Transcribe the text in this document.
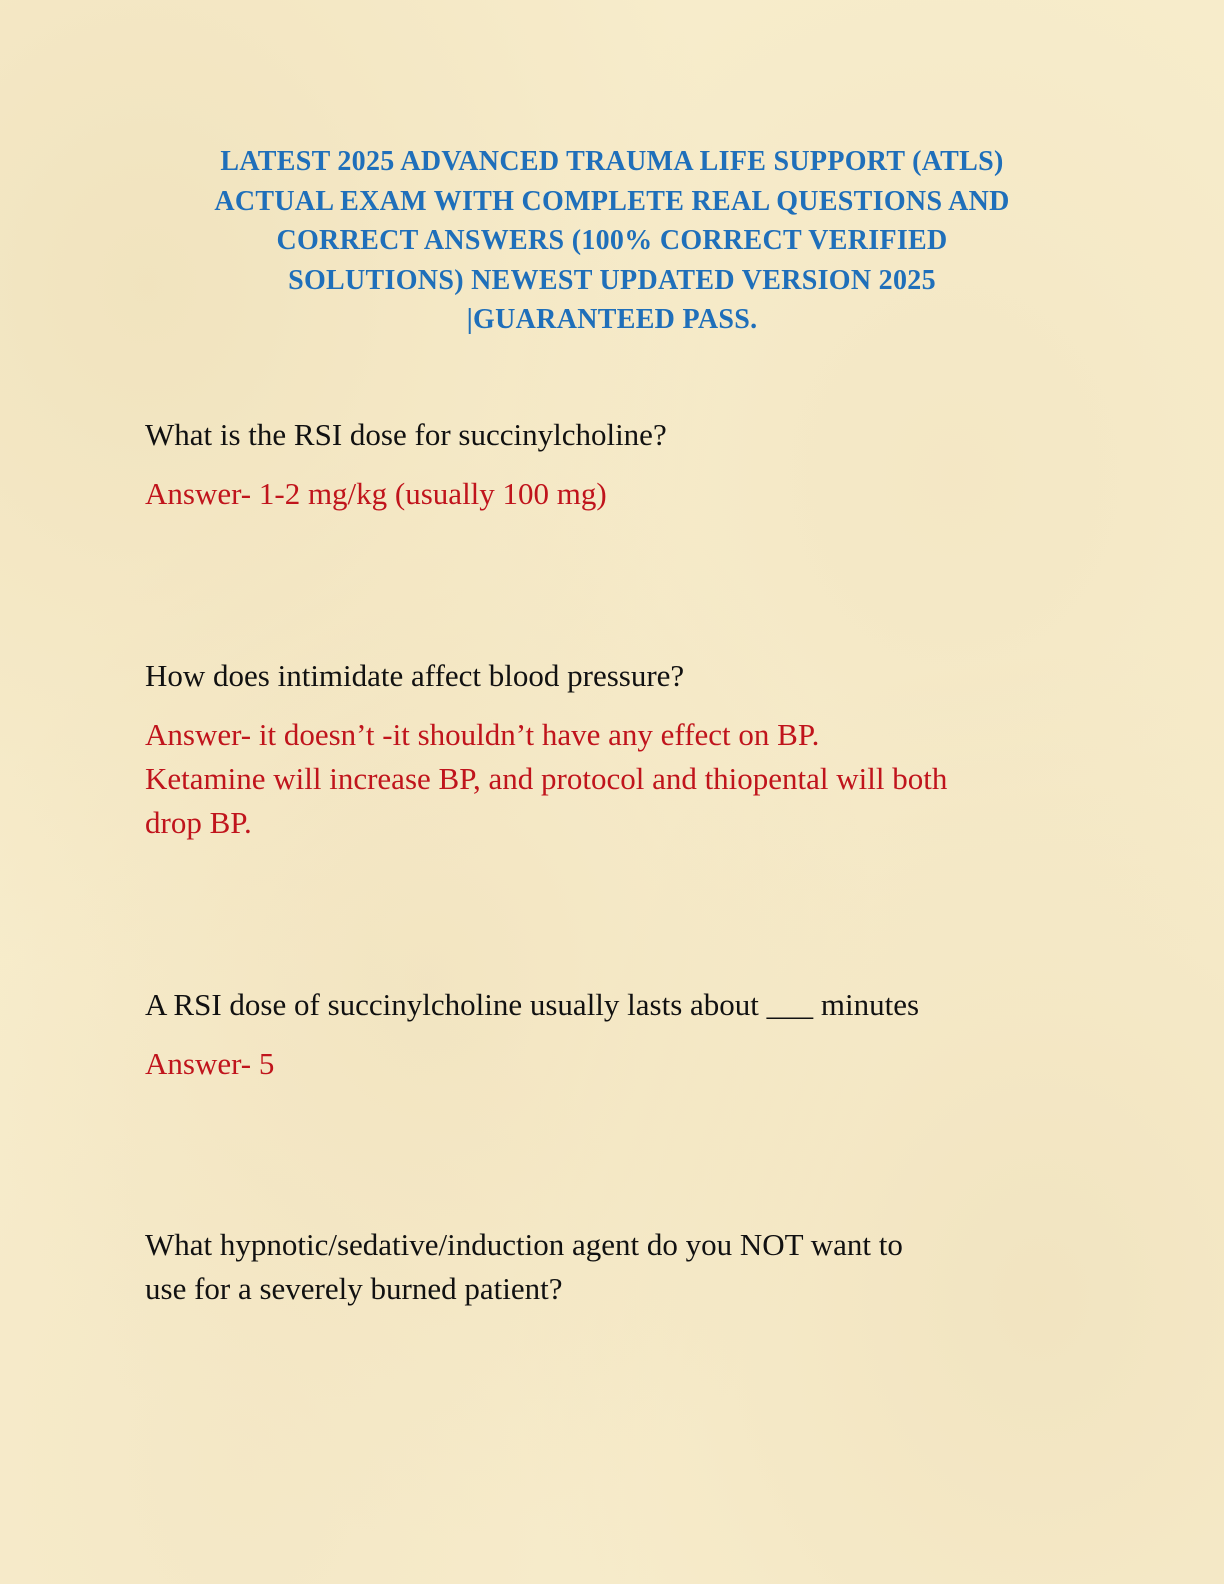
LATEST 2025 ADVANCED TRAUMA LIFE SUPPORT (ATLS)
ACTUAL EXAM WITH COMPLETE REAL QUESTIONS AND
CORRECT ANSWERS (100% CORRECT VERIFIED
SOLUTIONS) NEWEST UPDATED VERSION 2025
|GUARANTEED PASS.

What is the RSI dose for succinylcholine?

Answer- 1-2 mg/kg (usually 100 mg)

How does intimidate affect blood pressure?

Answer- it doesn’t -it shouldn’t have any effect on BP.
Ketamine will increase BP, and protocol and thiopental will both
drop BP.

A RSI dose of succinylcholine usually lasts about ___ minutes

Answer- 5

What hypnotic/sedative/induction agent do you NOT want to
use for a severely burned patient?
